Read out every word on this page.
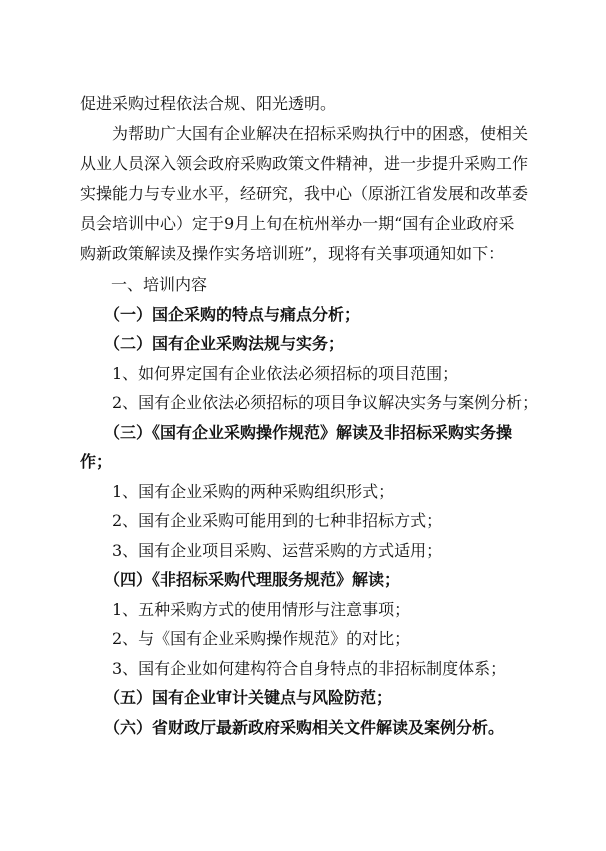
促进采购过程依法合规、阳光透明。
为帮助广大国有企业解决在招标采购执行中的困惑，使相关
从业人员深入领会政府采购政策文件精神，进一步提升采购工作
实操能力与专业水平，经研究，我中心（原浙江省发展和改革委
员会培训中心）定于9月上旬在杭州举办一期“国有企业政府采
购新政策解读及操作实务培训班”，现将有关事项通知如下：
一、培训内容
（一）国企采购的特点与痛点分析；
（二）国有企业采购法规与实务；
1、如何界定国有企业依法必须招标的项目范围；
2、国有企业依法必须招标的项目争议解决实务与案例分析；
（三）《国有企业采购操作规范》解读及非招标采购实务操
作；
1、国有企业采购的两种采购组织形式；
2、国有企业采购可能用到的七种非招标方式；
3、国有企业项目采购、运营采购的方式适用；
（四）《非招标采购代理服务规范》解读；
1、五种采购方式的使用情形与注意事项；
2、与《国有企业采购操作规范》的对比；
3、国有企业如何建构符合自身特点的非招标制度体系；
（五）国有企业审计关键点与风险防范；
（六）省财政厅最新政府采购相关文件解读及案例分析。
